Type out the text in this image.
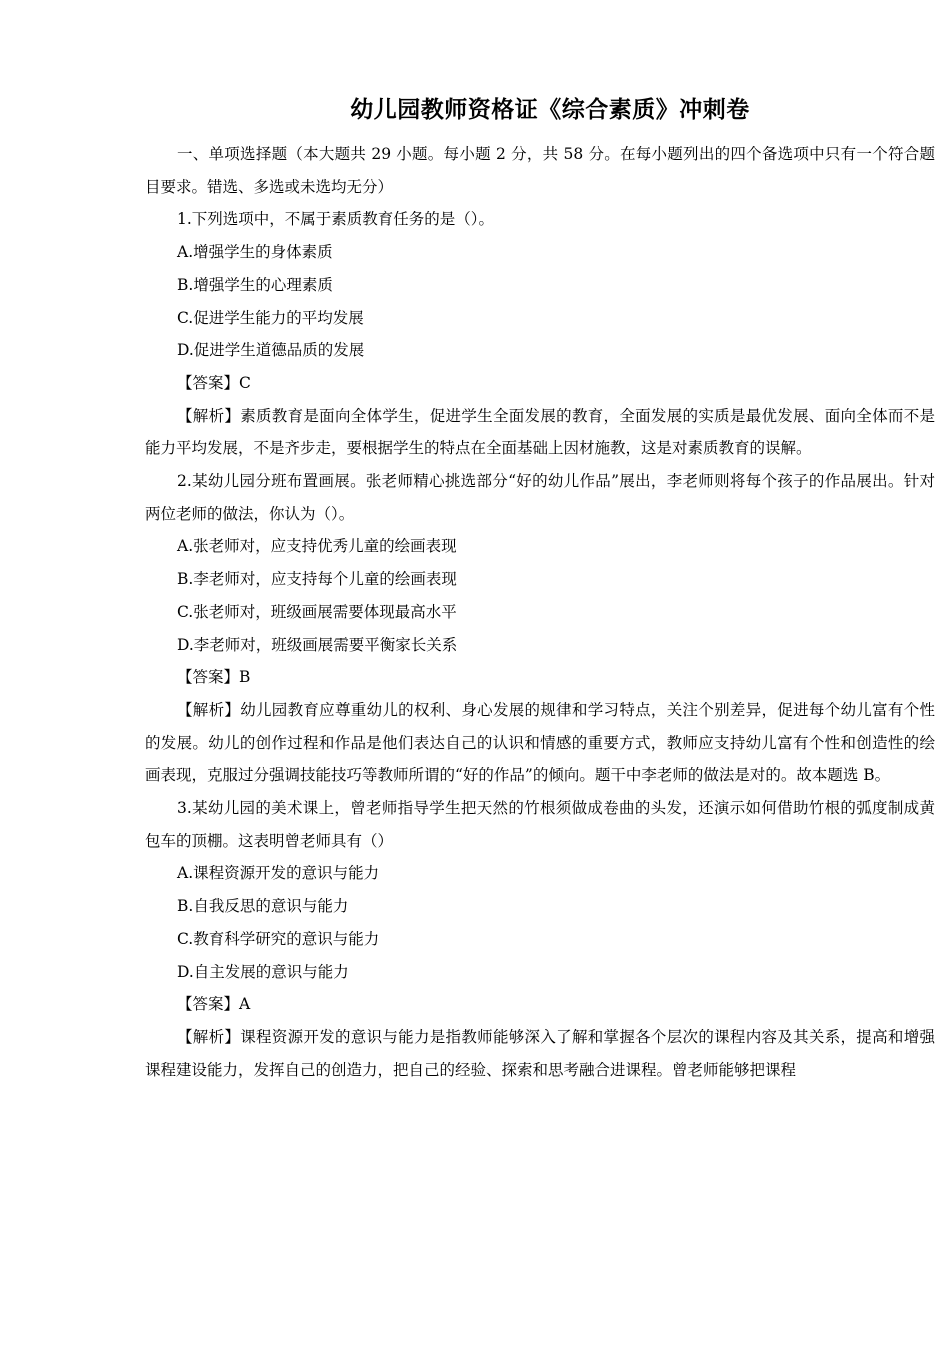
幼儿园教师资格证《综合素质》冲刺卷

一、单项选择题（本大题共 29 小题。每小题 2 分，共 58 分。在每小题列出的四个备选项中只有一个符合题目要求。错选、多选或未选均无分）

1.下列选项中，不属于素质教育任务的是（）。

A.增强学生的身体素质

B.增强学生的心理素质

C.促进学生能力的平均发展

D.促进学生道德品质的发展

【答案】C

【解析】素质教育是面向全体学生，促进学生全面发展的教育，全面发展的实质是最优发展、面向全体而不是能力平均发展，不是齐步走，要根据学生的特点在全面基础上因材施教，这是对素质教育的误解。

2.某幼儿园分班布置画展。张老师精心挑选部分“好的幼儿作品”展出，李老师则将每个孩子的作品展出。针对两位老师的做法，你认为（）。

A.张老师对，应支持优秀儿童的绘画表现

B.李老师对，应支持每个儿童的绘画表现

C.张老师对，班级画展需要体现最高水平

D.李老师对，班级画展需要平衡家长关系

【答案】B

【解析】幼儿园教育应尊重幼儿的权利、身心发展的规律和学习特点，关注个别差异，促进每个幼儿富有个性的发展。幼儿的创作过程和作品是他们表达自己的认识和情感的重要方式，教师应支持幼儿富有个性和创造性的绘画表现，克服过分强调技能技巧等教师所谓的“好的作品”的倾向。题干中李老师的做法是对的。故本题选 B。

3.某幼儿园的美术课上，曾老师指导学生把天然的竹根须做成卷曲的头发，还演示如何借助竹根的弧度制成黄包车的顶棚。这表明曾老师具有（）

A.课程资源开发的意识与能力

B.自我反思的意识与能力

C.教育科学研究的意识与能力

D.自主发展的意识与能力

【答案】A

【解析】课程资源开发的意识与能力是指教师能够深入了解和掌握各个层次的课程内容及其关系，提高和增强课程建设能力，发挥自己的创造力，把自己的经验、探索和思考融合进课程。曾老师能够把课程
